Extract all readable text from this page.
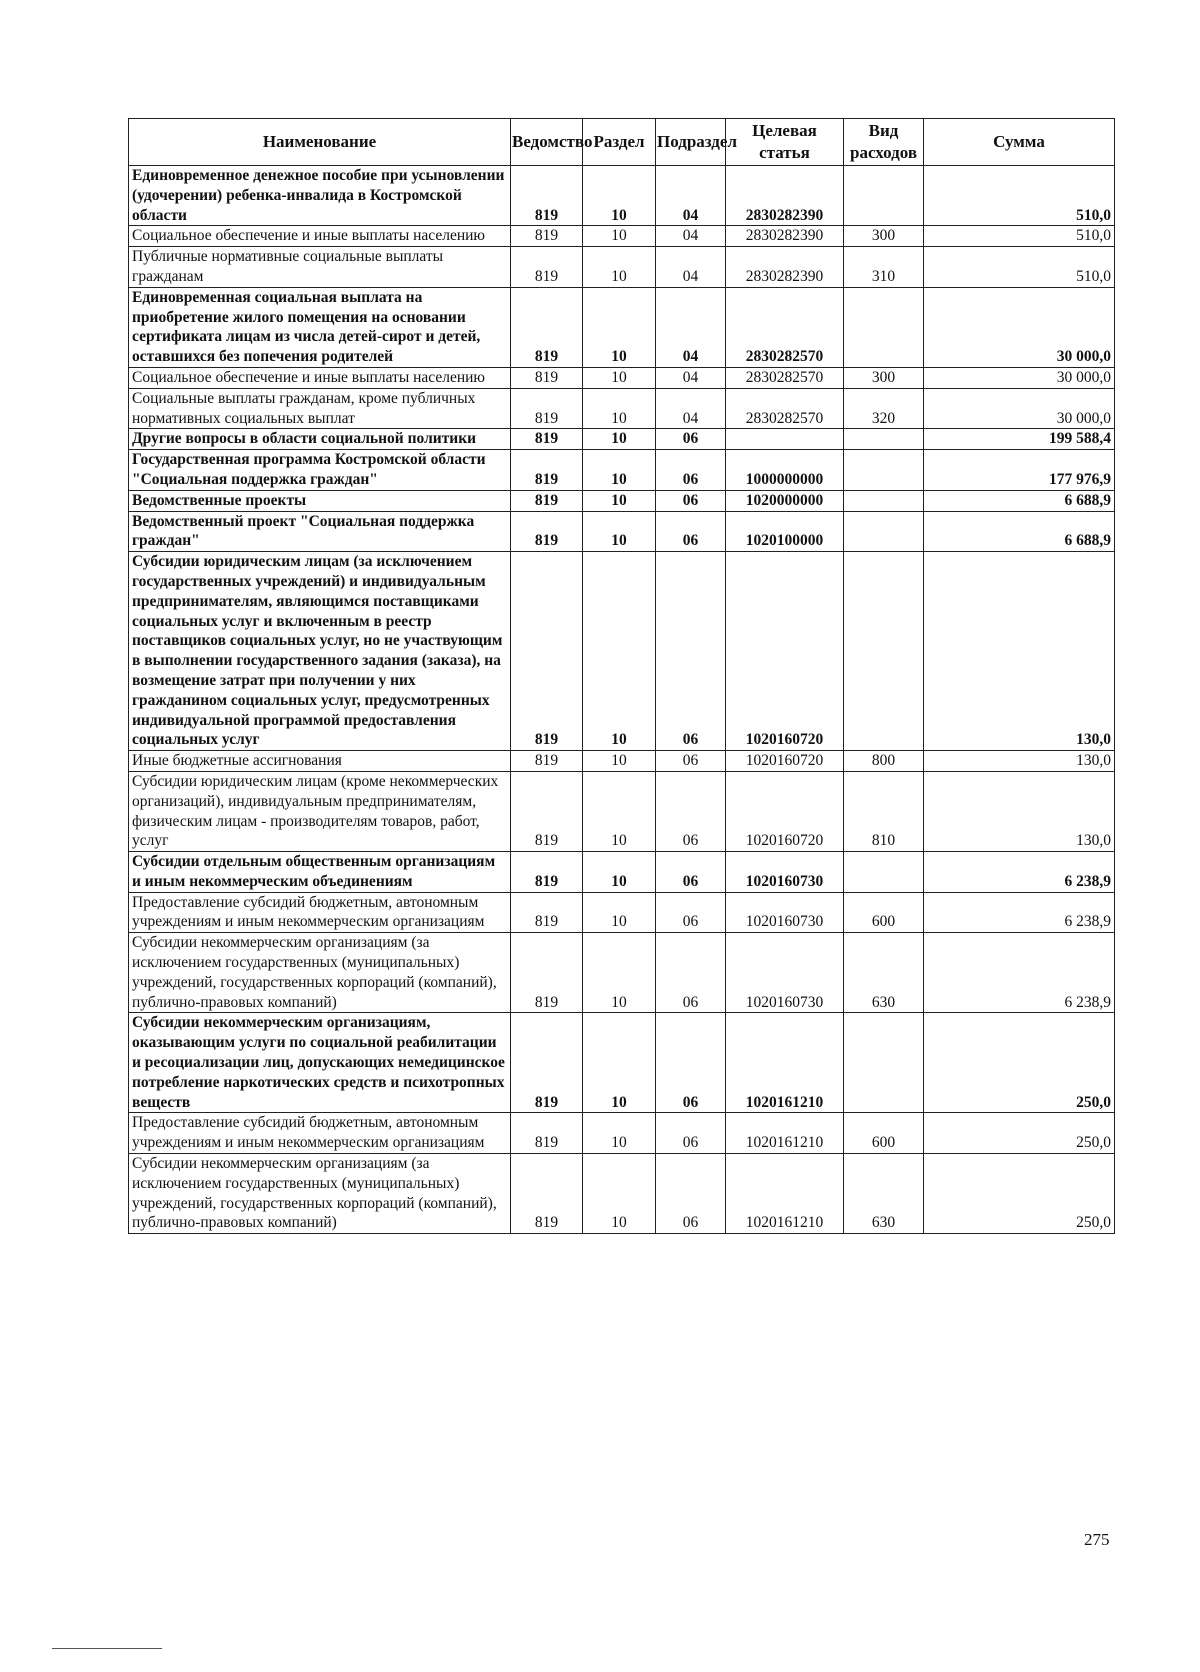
Наименование	Ведомство	Раздел	Подраздел	Целевая статья	Вид расходов	Сумма
Единовременное денежное пособие при усыновлении (удочерении) ребенка-инвалида в Костромской области	819	10	04	2830282390		510,0
Социальное обеспечение и иные выплаты населению	819	10	04	2830282390	300	510,0
Публичные нормативные социальные выплаты гражданам	819	10	04	2830282390	310	510,0
Единовременная социальная выплата на приобретение жилого помещения на основании сертификата лицам из числа детей-сирот и детей, оставшихся без попечения родителей	819	10	04	2830282570		30 000,0
Социальное обеспечение и иные выплаты населению	819	10	04	2830282570	300	30 000,0
Социальные выплаты гражданам, кроме публичных нормативных социальных выплат	819	10	04	2830282570	320	30 000,0
Другие вопросы в области социальной политики	819	10	06			199 588,4
Государственная программа Костромской области "Социальная поддержка граждан"	819	10	06	1000000000		177 976,9
Ведомственные проекты	819	10	06	1020000000		6 688,9
Ведомственный проект "Социальная поддержка граждан"	819	10	06	1020100000		6 688,9
Субсидии юридическим лицам (за исключением государственных учреждений) и индивидуальным предпринимателям, являющимся поставщиками социальных услуг и включенным в реестр поставщиков социальных услуг, но не участвующим в выполнении государственного задания (заказа), на возмещение затрат при получении у них гражданином социальных услуг, предусмотренных индивидуальной программой предоставления социальных услуг	819	10	06	1020160720		130,0
Иные бюджетные ассигнования	819	10	06	1020160720	800	130,0
Субсидии юридическим лицам (кроме некоммерческих организаций), индивидуальным предпринимателям, физическим лицам - производителям товаров, работ, услуг	819	10	06	1020160720	810	130,0
Субсидии отдельным общественным организациям и иным некоммерческим объединениям	819	10	06	1020160730		6 238,9
Предоставление субсидий бюджетным, автономным учреждениям и иным некоммерческим организациям	819	10	06	1020160730	600	6 238,9
Субсидии некоммерческим организациям (за исключением государственных (муниципальных) учреждений, государственных корпораций (компаний), публично-правовых компаний)	819	10	06	1020160730	630	6 238,9
Субсидии некоммерческим организациям, оказывающим услуги по социальной реабилитации и ресоциализации лиц, допускающих немедицинское потребление наркотических средств и психотропных веществ	819	10	06	1020161210		250,0
Предоставление субсидий бюджетным, автономным учреждениям и иным некоммерческим организациям	819	10	06	1020161210	600	250,0
Субсидии некоммерческим организациям (за исключением государственных (муниципальных) учреждений, государственных корпораций (компаний), публично-правовых компаний)	819	10	06	1020161210	630	250,0
275
